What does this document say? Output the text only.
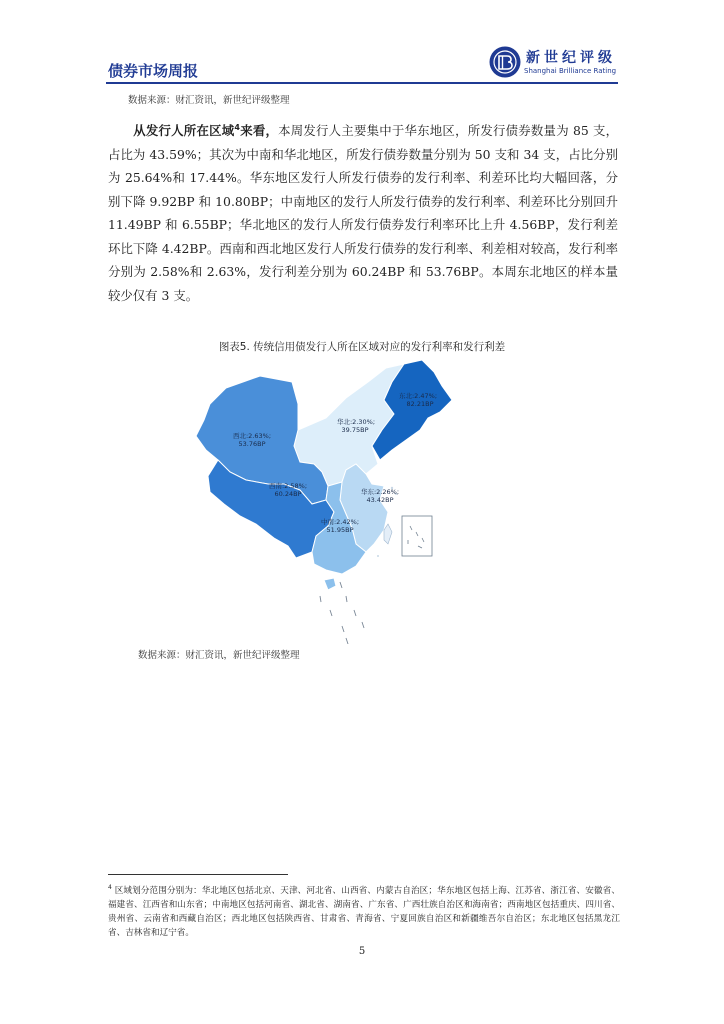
债券市场周报
新世纪评级
Shanghai Brilliance Rating
数据来源：财汇资讯，新世纪评级整理
从发行人所在区域$^4$来看，本周发行人主要集中于华东地区，所发行债券数量为 85 支，占比为 43.59%；其次为中南和华北地区，所发行债券数量分别为 50 支和 34 支，占比分别为 25.64%和 17.44%。华东地区发行人所发行债券的发行利率、利差环比均大幅回落，分别下降 9.92BP 和 10.80BP；中南地区的发行人所发行债券的发行利率、利差环比分别回升 11.49BP 和 6.55BP；华北地区的发行人所发行债券发行利率环比上升 4.56BP，发行利差环比下降 4.42BP。西南和西北地区发行人所发行债券的发行利率、利差相对较高，发行利率分别为 2.58%和 2.63%，发行利差分别为 60.24BP 和 53.76BP。本周东北地区的样本量较少仅有 3 支。
图表5. 传统信用债发行人所在区域对应的发行利率和发行利差
东北:2.47%;
82.21BP
华北:2.30%;
39.75BP
西北:2.63%;
53.76BP
西南:2.58%;
60.24BP	华东:2.26%;
43.42BP
中南:2.42%;
51.95BP
数据来源：财汇资讯，新世纪评级整理
$^4$ 区域划分范围分别为：华北地区包括北京、天津、河北省、山西省、内蒙古自治区；华东地区包括上海、江苏省、浙江省、安徽省、福建省、江西省和山东省；中南地区包括河南省、湖北省、湖南省、广东省、广西壮族自治区和海南省；西南地区包括重庆、四川省、贵州省、云南省和西藏自治区；西北地区包括陕西省、甘肃省、青海省、宁夏回族自治区和新疆维吾尔自治区；东北地区包括黑龙江省、吉林省和辽宁省。
5
